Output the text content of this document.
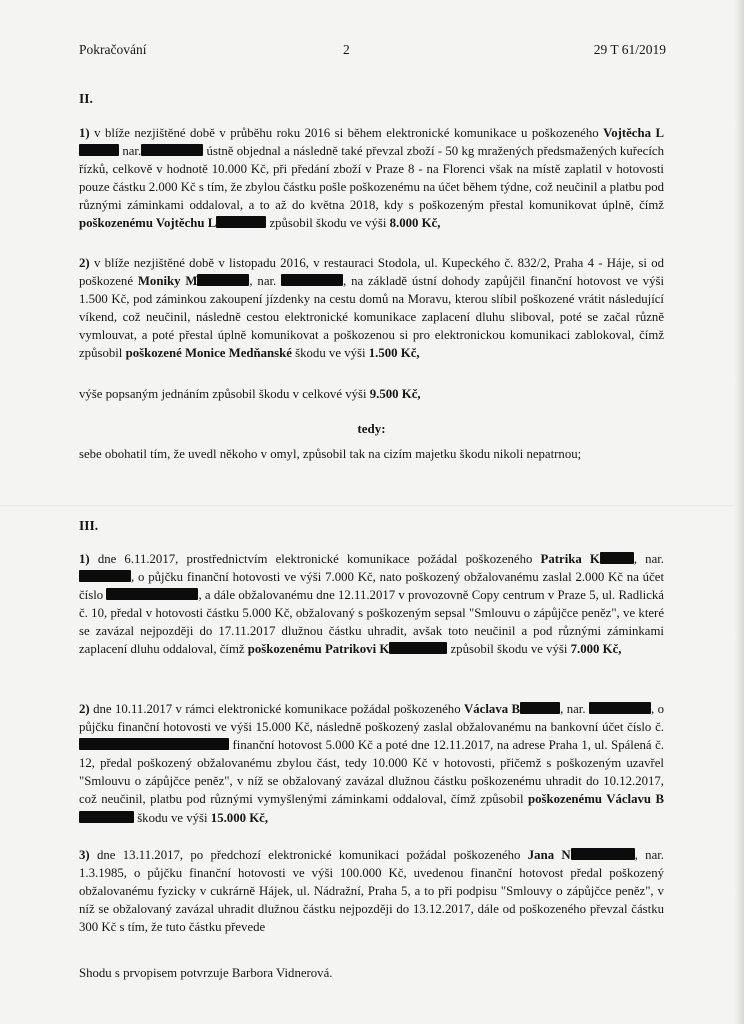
Pokračování	2	29 T 61/2019
II.
1) v blíže nezjištěné době v průběhu roku 2016 si během elektronické komunikace u poškozeného Vojtěcha L nar.	ústně objednal a následně také převzal zboží - 50 kg mražených předsmažených kuřecích řízků, celkově v hodnotě 10.000 Kč, při předání zboží v Praze 8 - na Florenci však na místě zaplatil v hotovosti pouze částku 2.000 Kč s tím, že zbylou částku pošle poškozenému na účet během týdne, což neučinil a platbu pod různými záminkami oddaloval, a to až do května 2018, kdy s poškozeným přestal komunikovat úplně, čímž poškozenému Vojtěchu L	způsobil škodu ve výši 8.000 Kč,
2) v blíže nezjištěné době v listopadu 2016, v restauraci Stodola, ul. Kupeckého č. 832/2, Praha 4 - Háje, si od poškozené Moniky M	, nar.	, na základě ústní dohody zapůjčil finanční hotovost ve výši 1.500 Kč, pod záminkou zakoupení jízdenky na cestu domů na Moravu, kterou slíbil poškozené vrátit následující víkend, což neučinil, následně cestou elektronické komunikace zaplacení dluhu sliboval, poté se začal různě vymlouvat, a poté přestal úplně komunikovat a poškozenou si pro elektronickou komunikaci zablokoval, čímž způsobil poškozené Monice Medňanské škodu ve výši 1.500 Kč,
výše popsaným jednáním způsobil škodu v celkové výši 9.500 Kč,
tedy:
sebe obohatil tím, že uvedl někoho v omyl, způsobil tak na cizím majetku škodu nikoli nepatrnou;
III.
1) dne 6.11.2017, prostřednictvím elektronické komunikace požádal poškozeného Patrika K	, nar. , o půjčku finanční hotovosti ve výši 7.000 Kč, nato poškozený obžalovanému zaslal 2.000 Kč na účet číslo	, a dále obžalovanému dne 12.11.2017 v provozovně Copy centrum v Praze 5, ul. Radlická č. 10, předal v hotovosti částku 5.000 Kč, obžalovaný s poškozeným sepsal "Smlouvu o zápůjčce peněz", ve které se zavázal nejpozději do 17.11.2017 dlužnou částku uhradit, avšak toto neučinil a pod různými záminkami zaplacení dluhu oddaloval, čímž poškozenému Patrikovi K	způsobil škodu ve výši 7.000 Kč,
2) dne 10.11.2017 v rámci elektronické komunikace požádal poškozeného Václava B	, nar.	, o půjčku finanční hotovosti ve výši 15.000 Kč, následně poškozený zaslal obžalovanému na bankovní účet číslo č.  finanční hotovost 5.000 Kč a poté dne 12.11.2017, na adrese Praha 1, ul. Spálená č. 12, předal poškozený obžalovanému zbylou část, tedy 10.000 Kč v hotovosti, přičemž s poškozeným uzavřel "Smlouvu o zápůjčce peněz", v níž se obžalovaný zavázal dlužnou částku poškozenému uhradit do 10.12.2017, což neučinil, platbu pod různými vymyšlenými záminkami oddaloval, čímž způsobil poškozenému Václavu B škodu ve výši 15.000 Kč,
3) dne 13.11.2017, po předchozí elektronické komunikaci požádal poškozeného Jana N	, nar. 1.3.1985, o půjčku finanční hotovosti ve výši 100.000 Kč, uvedenou finanční hotovost předal poškozený obžalovanému fyzicky v cukrárně Hájek, ul. Nádražní, Praha 5, a to při podpisu "Smlouvy o zápůjčce peněz", v níž se obžalovaný zavázal uhradit dlužnou částku nejpozději do 13.12.2017, dále od poškozeného převzal částku 300 Kč s tím, že tuto částku převede
Shodu s prvopisem potvrzuje Barbora Vidnerová.
